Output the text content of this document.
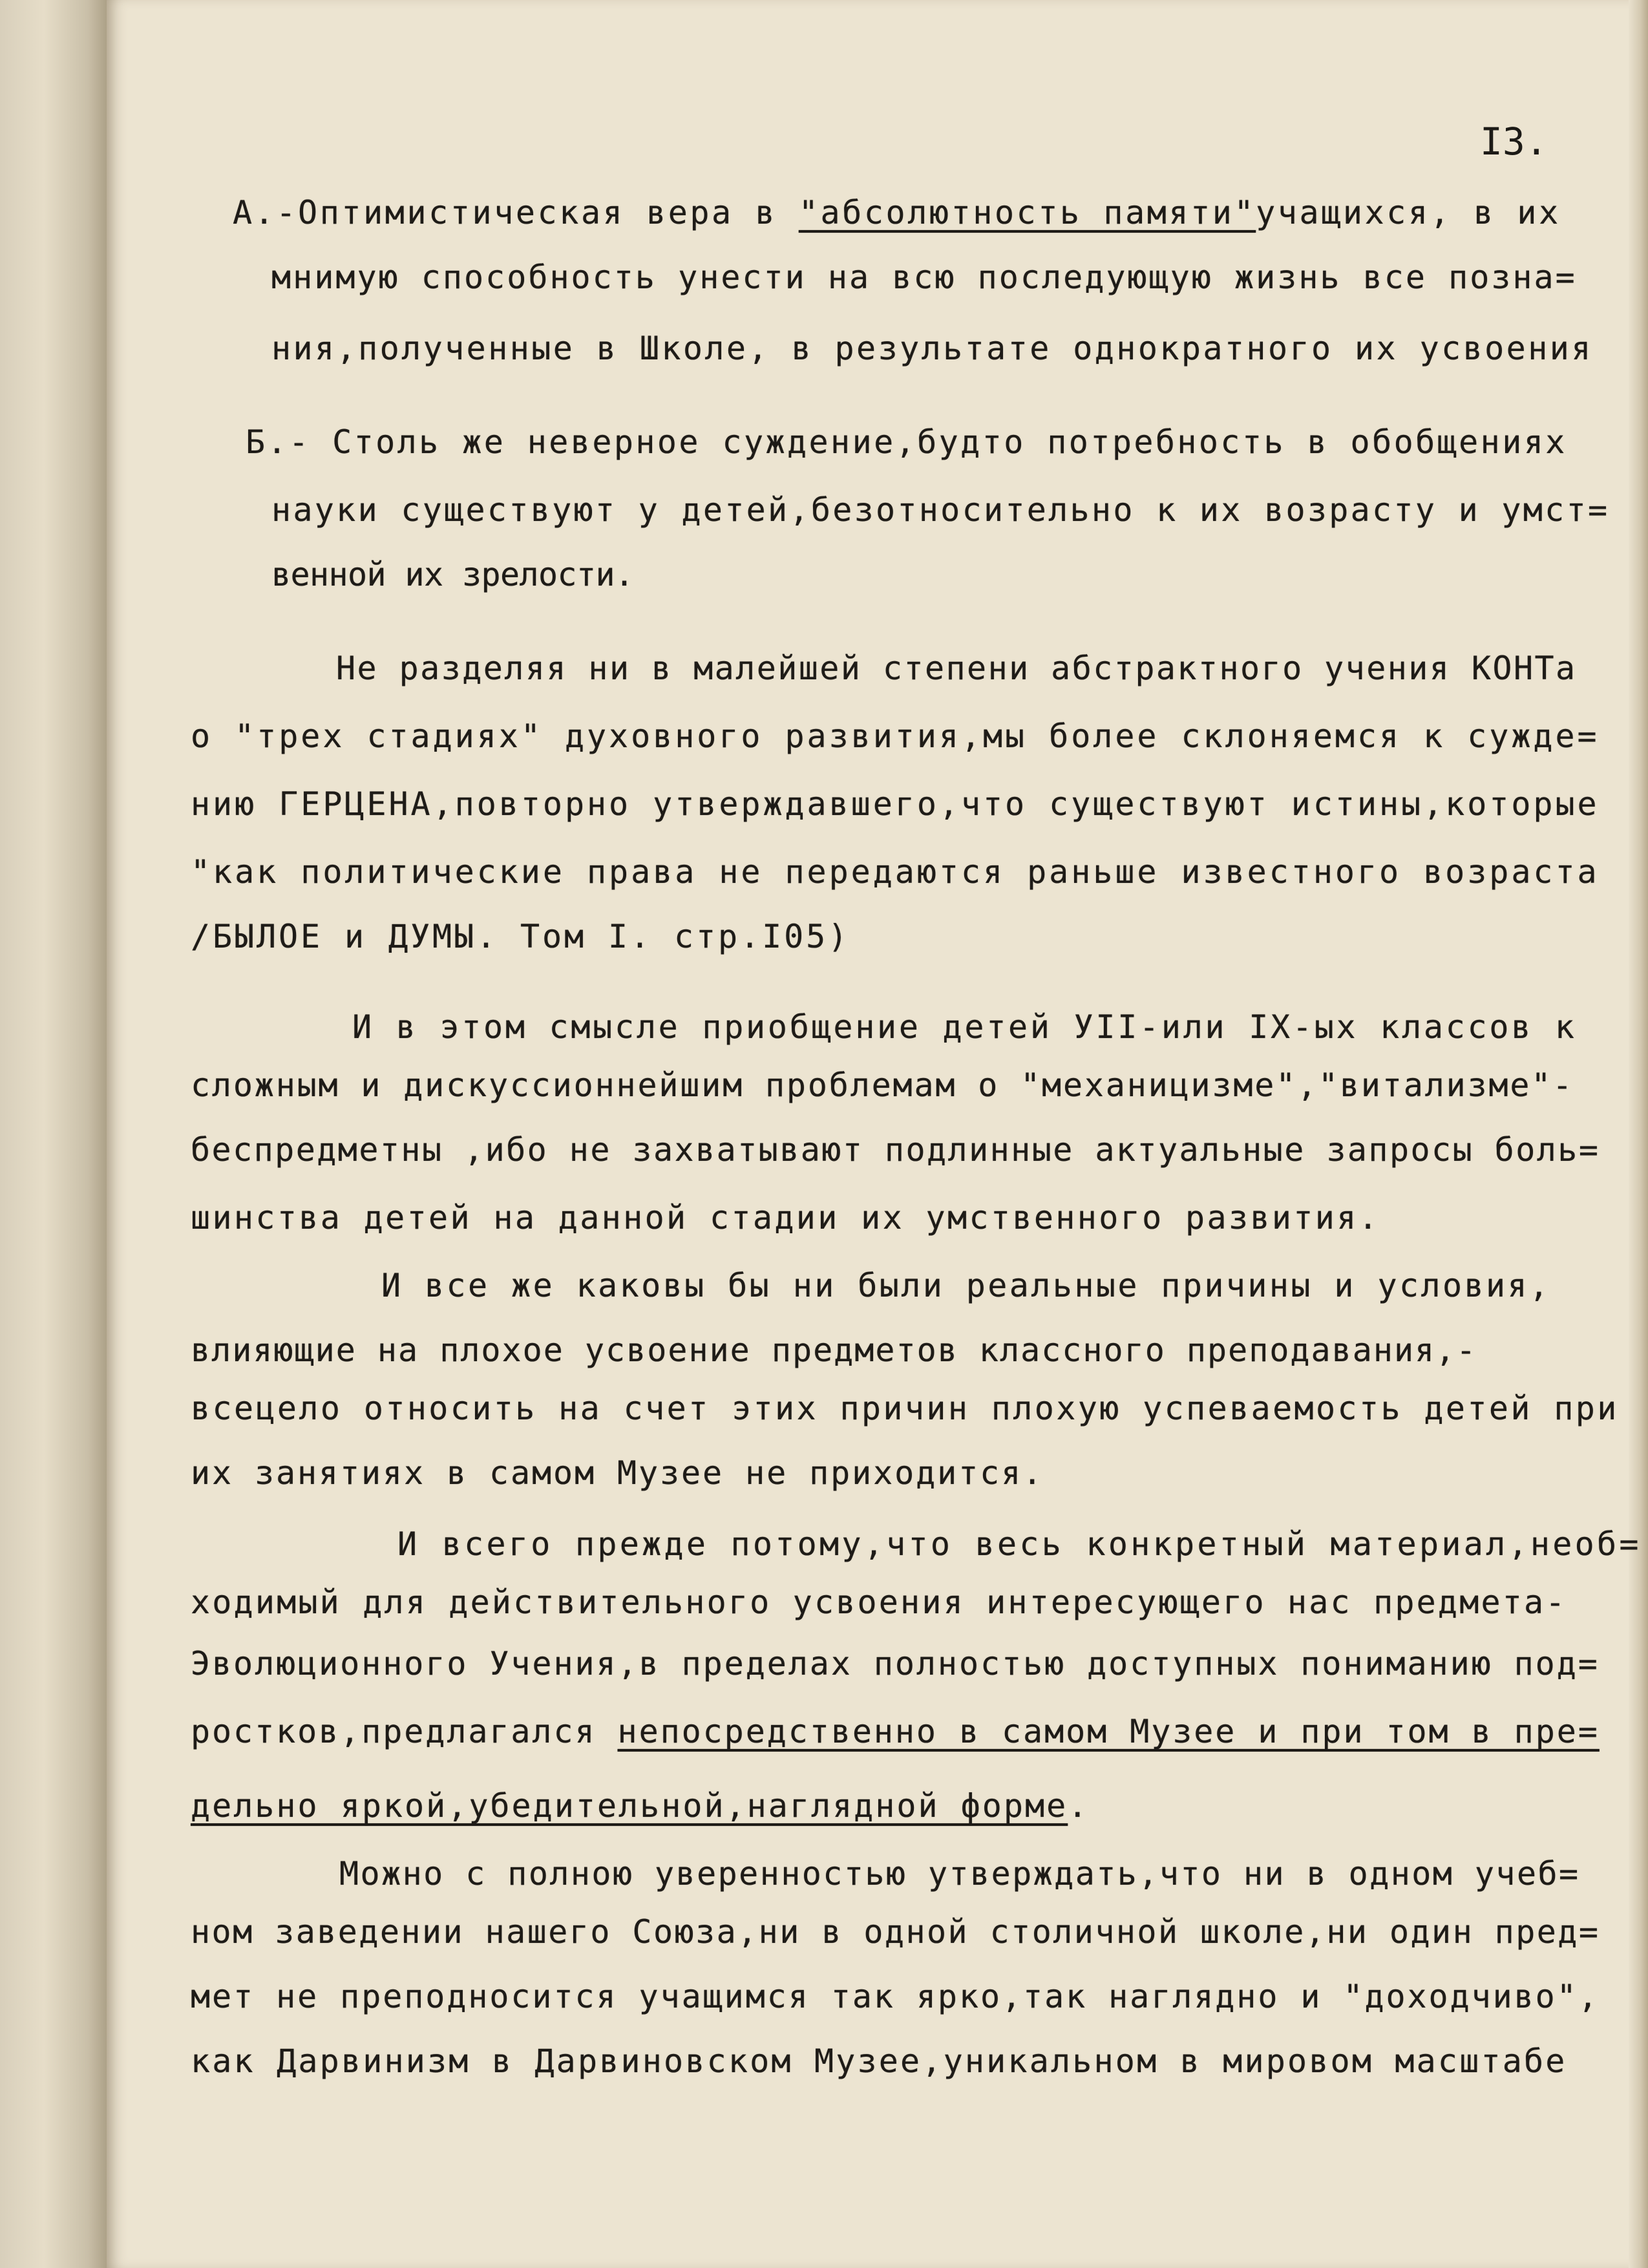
I3.
А.-Оптимистическая вера в "абсолютность памяти"учащихся, в их
мнимую способность унести на всю последующую жизнь все позна=
ния,полученные в Школе, в результате однократного их усвоения
Б.- Столь же неверное суждение,будто потребность в обобщениях
науки существуют у детей,безотносительно к их возрасту и умст=
венной их зрелости.
Не разделяя ни в малейшей степени абстрактного учения КОНТа
о "трех стадиях" духовного развития,мы более склоняемся к сужде=
нию ГЕРЦЕНА,повторно утверждавшего,что существуют истины,которые
"как политические права не передаются раньше известного возраста
/БЫЛОЕ и ДУМЫ. Том I. стр.I05)
И в этом смысле приобщение детей УII-или IХ-ых классов к
сложным и дискуссионнейшим проблемам о "механицизме","витализме"-
беспредметны ,ибо не захватывают подлинные актуальные запросы боль=
шинства детей на данной стадии их умственного развития.
И все же каковы бы ни были реальные причины и условия,
влияющие на плохое усвоение предметов классного преподавания,-
всецело относить на счет этих причин плохую успеваемость детей при
их занятиях в самом Музее не приходится.
И всего прежде потому,что весь конкретный материал,необ=
ходимый для действительного усвоения интересующего нас предмета-
Эволюционного Учения,в пределах полностью доступных пониманию под=
ростков,предлагался непосредственно в самом Музее и при том в пре=
дельно яркой,убедительной,наглядной форме.
Можно с полною уверенностью утверждать,что ни в одном учеб=
ном заведении нашего Союза,ни в одной столичной школе,ни один пред=
мет не преподносится учащимся так ярко,так наглядно и "доходчиво",
как Дарвинизм в Дарвиновском Музее,уникальном в мировом масштабе
